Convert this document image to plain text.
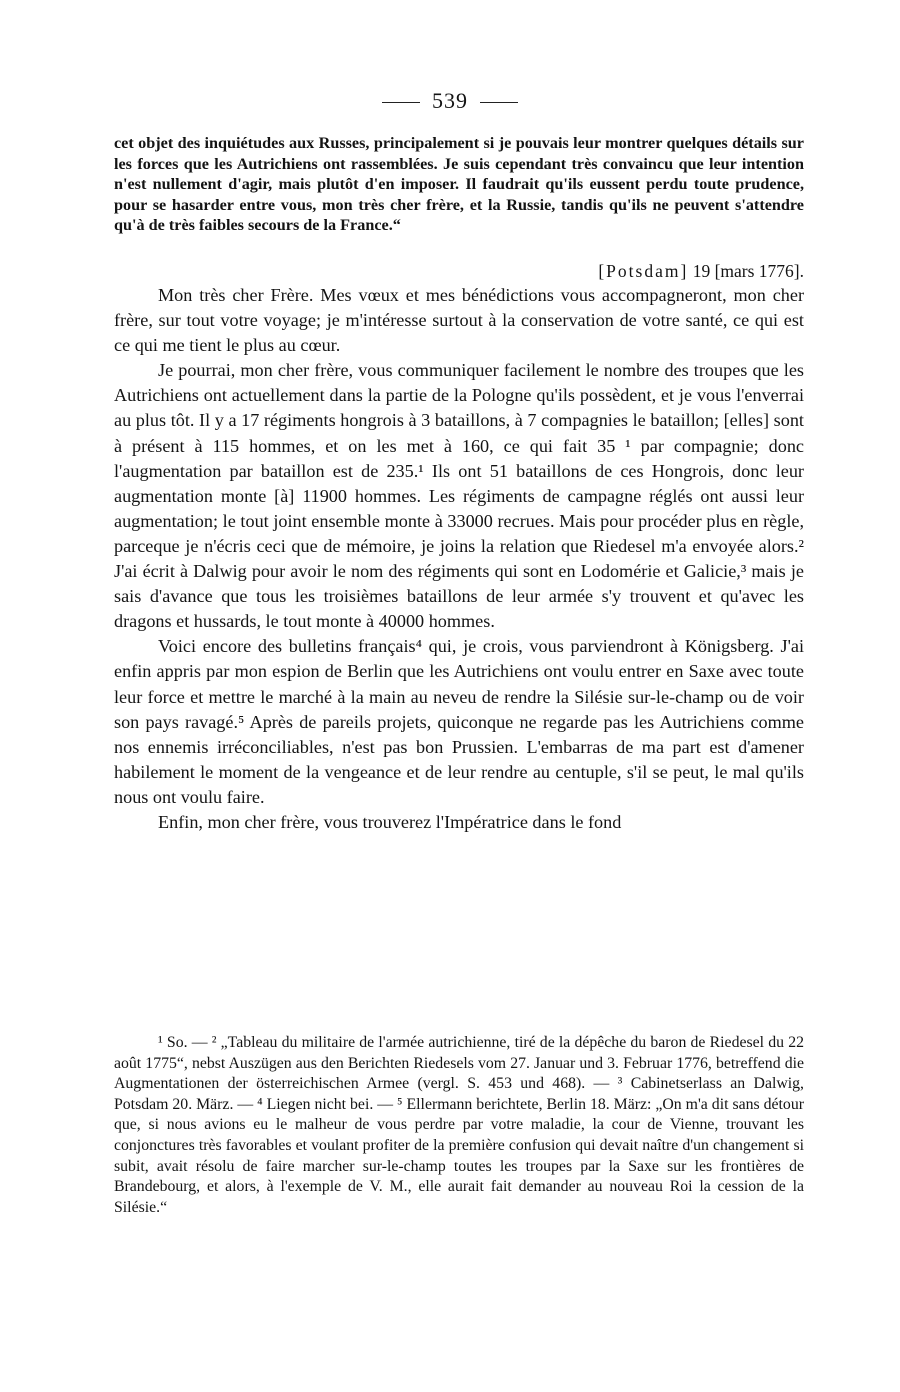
539
cet objet des inquiétudes aux Russes, principalement si je pouvais leur montrer quelques détails sur les forces que les Autrichiens ont rassemblées. Je suis cependant très convaincu que leur intention n'est nullement d'agir, mais plutôt d'en imposer. Il faudrait qu'ils eussent perdu toute prudence, pour se hasarder entre vous, mon très cher frère, et la Russie, tandis qu'ils ne peuvent s'attendre qu'à de très faibles secours de la France.“
[Potsdam] 19 [mars 1776].

Mon très cher Frère. Mes vœux et mes bénédictions vous accompagneront, mon cher frère, sur tout votre voyage; je m'intéresse surtout à la conservation de votre santé, ce qui est ce qui me tient le plus au cœur.

Je pourrai, mon cher frère, vous communiquer facilement le nombre des troupes que les Autrichiens ont actuellement dans la partie de la Pologne qu'ils possèdent, et je vous l'enverrai au plus tôt. Il y a 17 régiments hongrois à 3 bataillons, à 7 compagnies le bataillon; [elles] sont à présent à 115 hommes, et on les met à 160, ce qui fait 35 ¹ par compagnie; donc l'augmentation par bataillon est de 235.¹ Ils ont 51 bataillons de ces Hongrois, donc leur augmentation monte [à] 11900 hommes. Les régiments de campagne réglés ont aussi leur augmentation; le tout joint ensemble monte à 33000 recrues. Mais pour procéder plus en règle, parceque je n'écris ceci que de mémoire, je joins la relation que Riedesel m'a envoyée alors.² J'ai écrit à Dalwig pour avoir le nom des régiments qui sont en Lodomérie et Galicie,³ mais je sais d'avance que tous les troisièmes bataillons de leur armée s'y trouvent et qu'avec les dragons et hussards, le tout monte à 40000 hommes.

Voici encore des bulletins français⁴ qui, je crois, vous parviendront à Königsberg. J'ai enfin appris par mon espion de Berlin que les Autrichiens ont voulu entrer en Saxe avec toute leur force et mettre le marché à la main au neveu de rendre la Silésie sur-le-champ ou de voir son pays ravagé.⁵ Après de pareils projets, quiconque ne regarde pas les Autrichiens comme nos ennemis irréconciliables, n'est pas bon Prussien. L'embarras de ma part est d'amener habilement le moment de la vengeance et de leur rendre au centuple, s'il se peut, le mal qu'ils nous ont voulu faire.

Enfin, mon cher frère, vous trouverez l'Impératrice dans le fond

¹ So. — ² „Tableau du militaire de l'armée autrichienne, tiré de la dépêche du baron de Riedesel du 22 août 1775“, nebst Auszügen aus den Berichten Riedesels vom 27. Januar und 3. Februar 1776, betreffend die Augmentationen der österreichischen Armee (vergl. S. 453 und 468). — ³ Cabinetserlass an Dalwig, Potsdam 20. März. — ⁴ Liegen nicht bei. — ⁵ Ellermann berichtete, Berlin 18. März: „On m'a dit sans détour que, si nous avions eu le malheur de vous perdre par votre maladie, la cour de Vienne, trouvant les conjonctures très favorables et voulant profiter de la première confusion qui devait naître d'un changement si subit, avait résolu de faire marcher sur-le-champ toutes les troupes par la Saxe sur les frontières de Brandebourg, et alors, à l'exemple de V. M., elle aurait fait demander au nouveau Roi la cession de la Silésie.“
